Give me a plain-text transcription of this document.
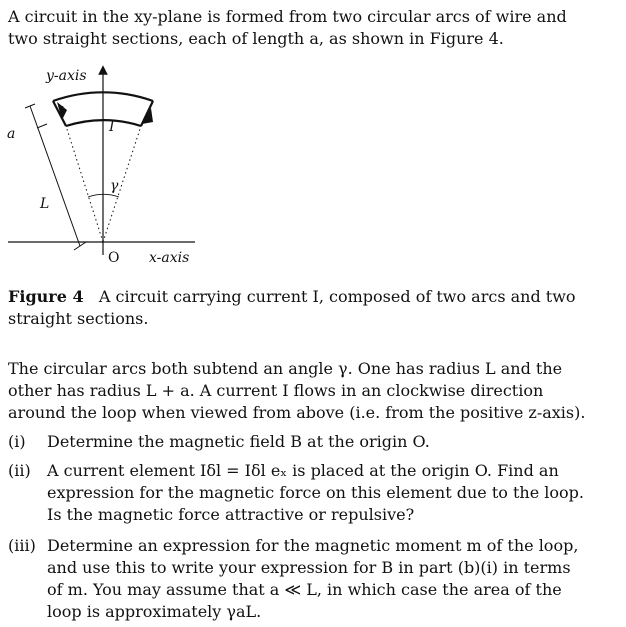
A circuit in the xy-plane is formed from two circular arcs of wire and
two straight sections, each of length a, as shown in Figure 4.
y-axis
I
γ
a
L
O x-axis
Figure 4 A circuit carrying current I, composed of two arcs and two
straight sections.
The circular arcs both subtend an angle γ. One has radius L and the
other has radius L + a. A current I flows in an clockwise direction
around the loop when viewed from above (i.e. from the positive z-axis).
(i) Determine the magnetic field B at the origin O.
(ii) A current element Iδl = Iδl eₓ is placed at the origin O. Find an
expression for the magnetic force on this element due to the loop.
Is the magnetic force attractive or repulsive?
(iii) Determine an expression for the magnetic moment m of the loop,
and use this to write your expression for B in part (b)(i) in terms
of m. You may assume that a ≪ L, in which case the area of the
loop is approximately γaL.
